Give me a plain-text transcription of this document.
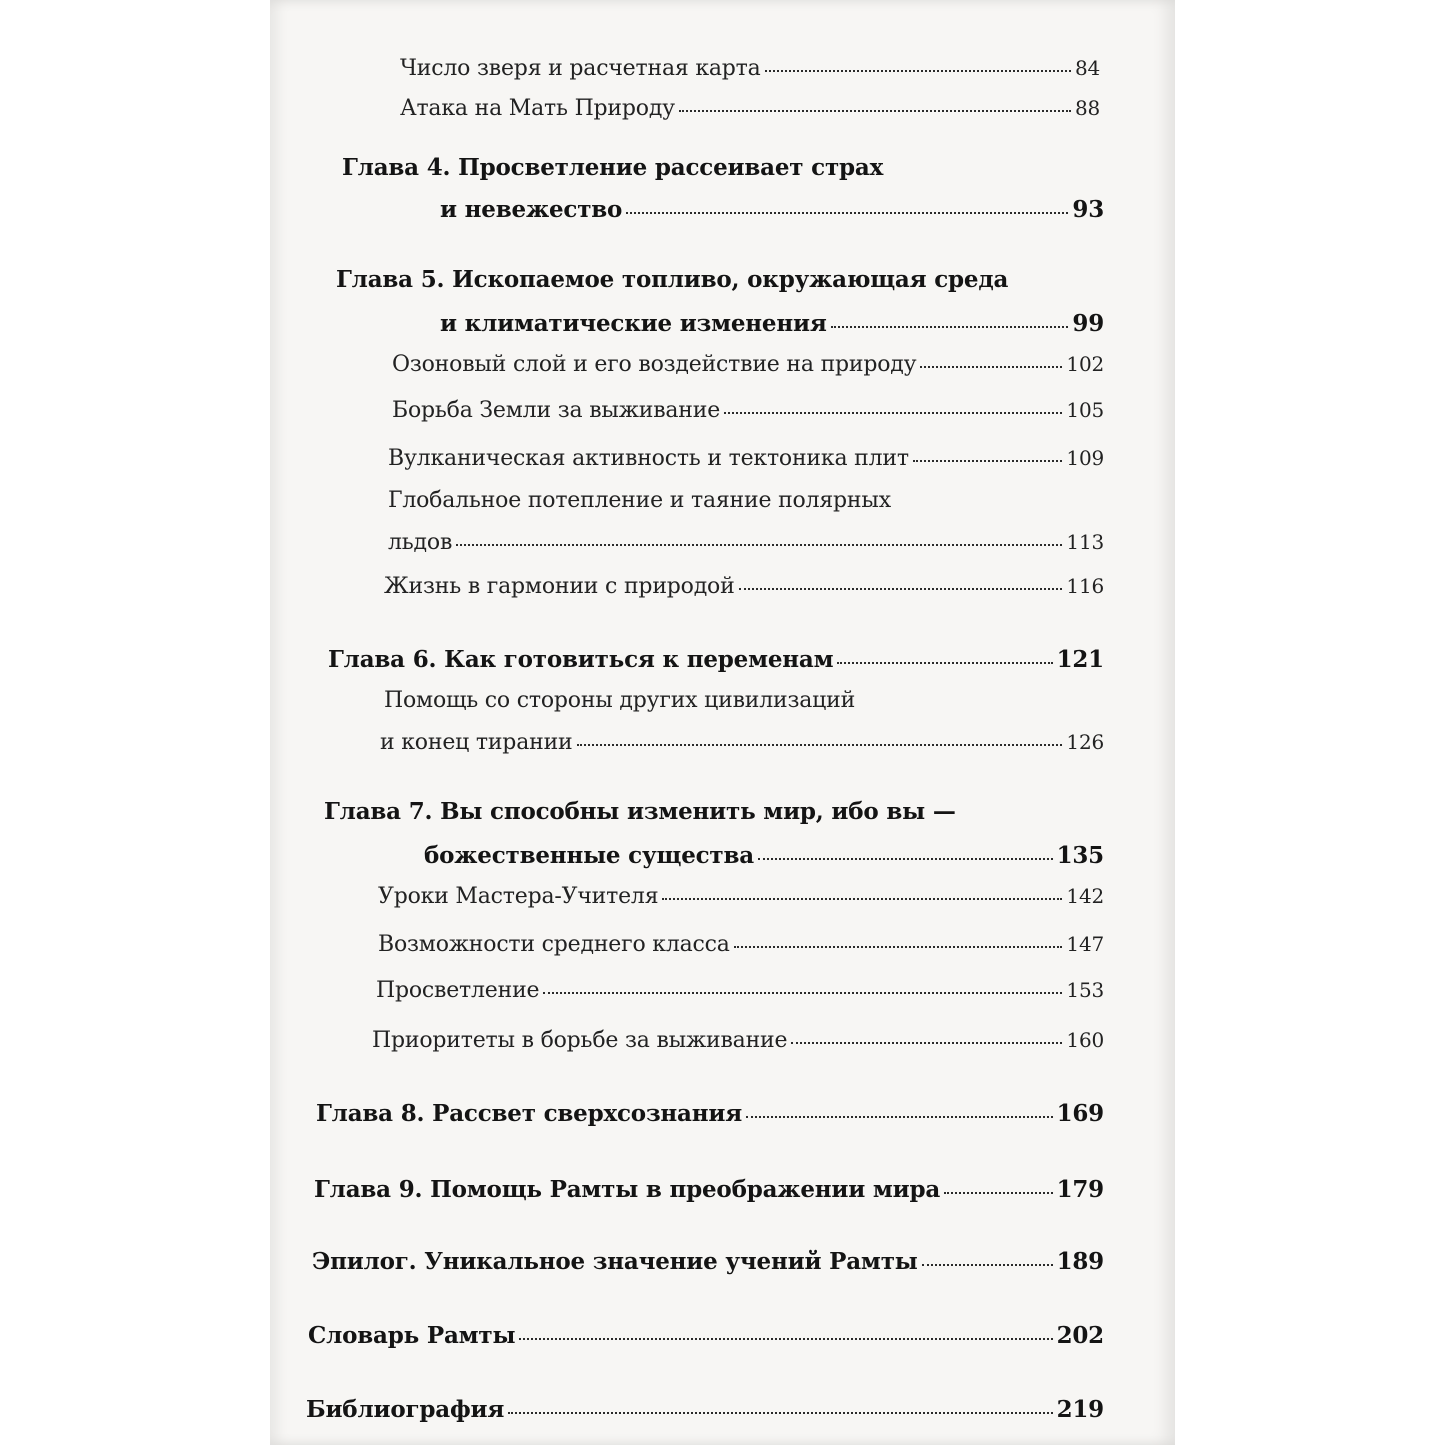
Число зверя и расчетная карта	84
Атака на Мать Природу	88
Глава 4. Просветление рассеивает страх
и невежество	93
Глава 5. Ископаемое топливо, окружающая среда
и климатические изменения	99
Озоновый слой и его воздействие на природу	102
Борьба Земли за выживание	105
Вулканическая активность и тектоника плит	109
Глобальное потепление и таяние полярных
льдов	113
Жизнь в гармонии с природой	116
Глава 6. Как готовиться к переменам	121
Помощь со стороны других цивилизаций
и конец тирании	126
Глава 7. Вы способны изменить мир, ибо вы —
божественные существа	135
Уроки Мастера-Учителя	142
Возможности среднего класса	147
Просветление	153
Приоритеты в борьбе за выживание	160
Глава 8. Рассвет сверхсознания	169
Глава 9. Помощь Рамты в преображении мира	179
Эпилог. Уникальное значение учений Рамты	189
Словарь Рамты	202
Библиография	219
